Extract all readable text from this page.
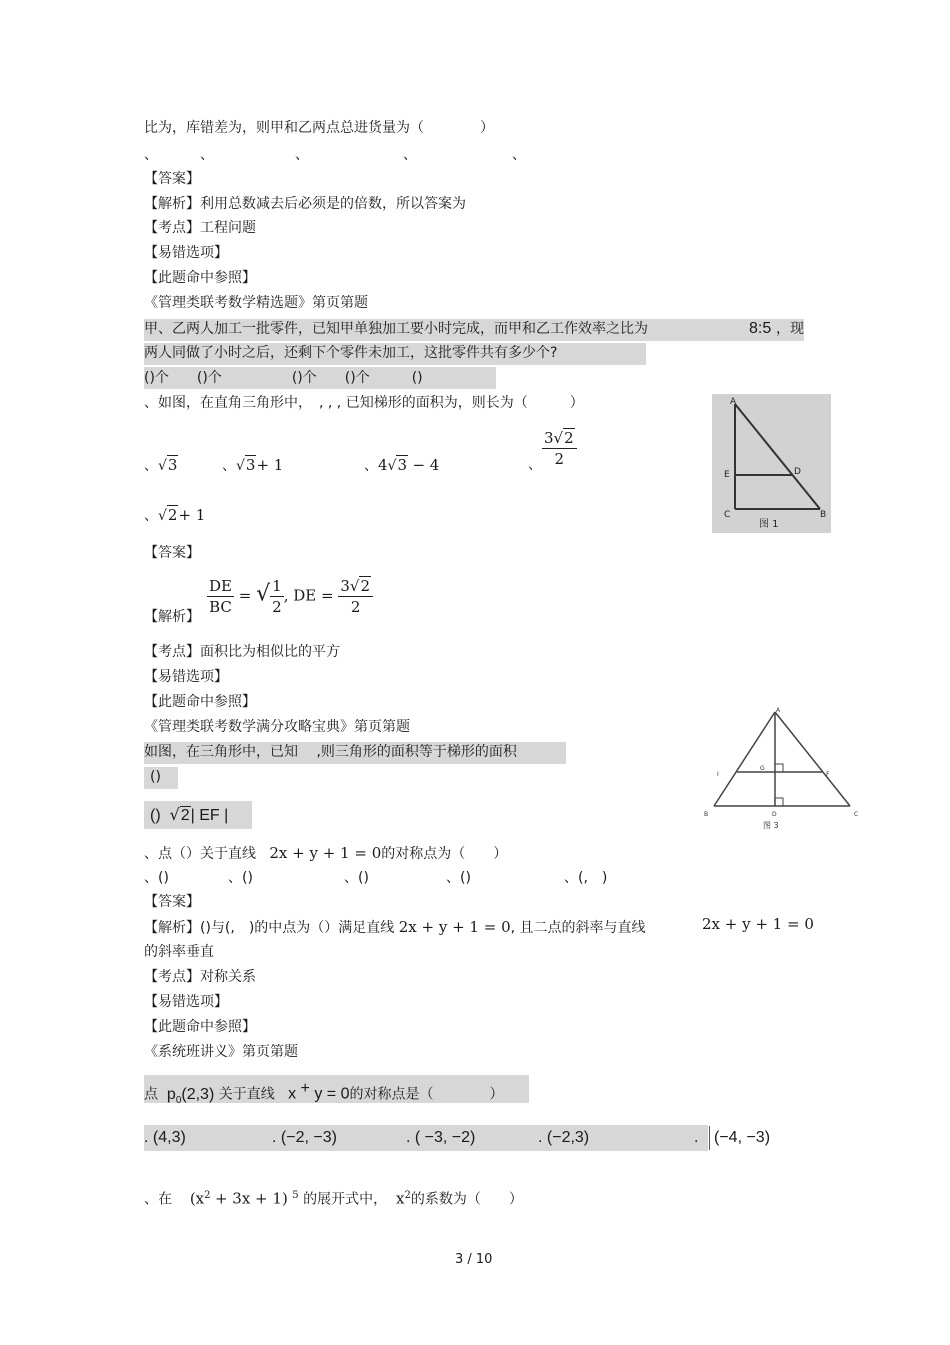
比为，库错差为，则甲和乙两点总进货量为（　　　　）
、	、	、	、	、
【答案】
【解析】利用总数减去后必须是的倍数，所以答案为
【考点】工程问题
【易错选项】
【此题命中参照】
《管理类联考数学精选题》第页第题
甲、乙两人加工一批零件，已知甲单独加工要小时完成，而甲和乙工作效率之比为	8:5 ，现
两人同做了小时之后，还剩下个零件未加工，这批零件共有多少个?
()个　　()个　　　　　()个　　()个　　　()
、如图，在直角三角形中，　, , , 已知梯形的面积为，则长为（　　　）
、√3	、√3+ 1	、4√3 − 4	、 $\frac{3√2}{2}$
、√2+ 1
A
E	D
C	B
图 1
【答案】
【解析】 $\frac{DE}{BC}$ = √ $\frac{1}{2}$ , DE = $\frac{3√2}{2}$
【考点】面积比为相似比的平方
【易错选项】
【此题命中参照】
《管理类联考数学满分攻略宝典》第页第题
如图，在三角形中，已知　 ,则三角形的面积等于梯形的面积
()
() √2| EF |
A
I
G
F
B	D	C
图 3
、点（）关于直线 2x + y + 1 = 0的对称点为（　　）
、()	、()	、()	、()	、(,　)
【答案】
【解析】()与(,　)的中点为（）满足直线 2x + y + 1 = 0, 且二点的斜率与直线	2x + y + 1 = 0
的斜率垂直
【考点】对称关系
【易错选项】
【此题命中参照】
《系统班讲义》第页第题
点 $p_0(2,3)$ 关于直线 x + y = 0的对称点是（　　　　）
. (4,3)	. (−2, −3)	. ( −3, −2)	. (−2,3)	. (−4, −3)
、在 $(x^2 + 3x + 1)$ $^5$ 的展开式中， $x^2$的系数为（　　）
3 / 10
